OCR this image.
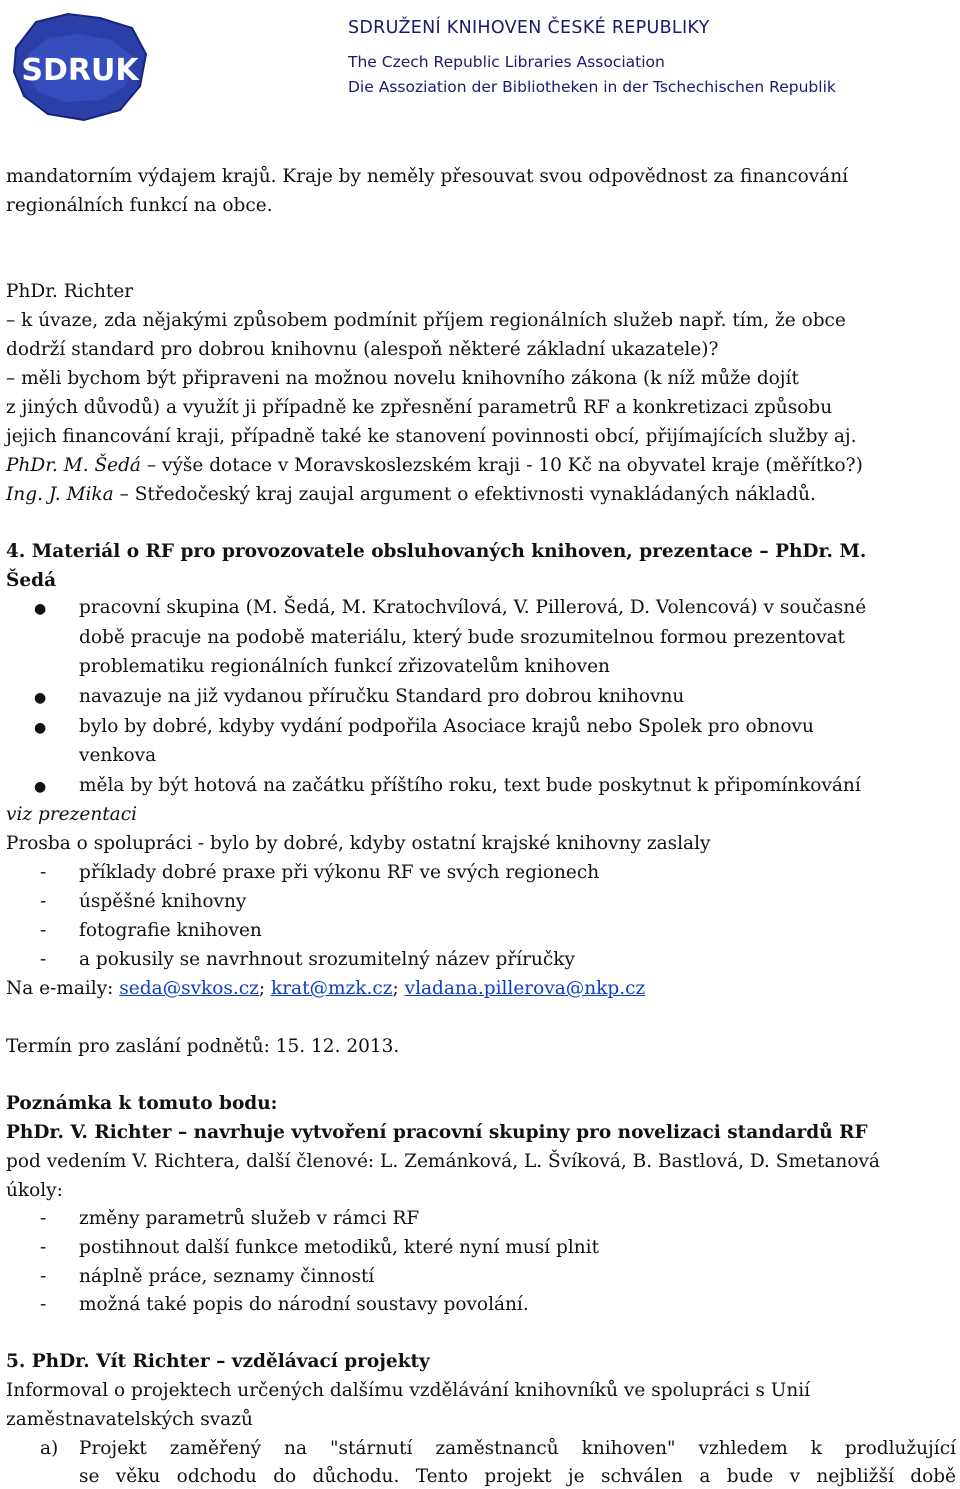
SDRUK
SDRUŽENÍ KNIHOVEN ČESKÉ REPUBLIKY
The Czech Republic Libraries Association
Die Assoziation der Bibliotheken in der Tschechischen Republik
mandatorním výdajem krajů. Kraje by neměly přesouvat svou odpovědnost za financování
regionálních funkcí na obce.
PhDr. Richter
– k úvaze, zda nějakými způsobem podmínit příjem regionálních služeb např. tím, že obce
dodrží standard pro dobrou knihovnu (alespoň některé základní ukazatele)?
– měli bychom být připraveni na možnou novelu knihovního zákona (k níž může dojít
z jiných důvodů) a využít ji případně ke zpřesnění parametrů RF a konkretizaci způsobu
jejich financování kraji, případně také ke stanovení povinnosti obcí, přijímajících služby aj.
PhDr. M. Šedá – výše dotace v Moravskoslezském kraji - 10 Kč na obyvatel kraje (měřítko?)
Ing. J. Mika – Středočeský kraj zaujal argument o efektivnosti vynakládaných nákladů.
4. Materiál o RF pro provozovatele obsluhovaných knihoven, prezentace – PhDr. M.
Šedá
● pracovní skupina (M. Šedá, M. Kratochvílová, V. Pillerová, D. Volencová) v současné
době pracuje na podobě materiálu, který bude srozumitelnou formou prezentovat
problematiku regionálních funkcí zřizovatelům knihoven
● navazuje na již vydanou příručku Standard pro dobrou knihovnu
● bylo by dobré, kdyby vydání podpořila Asociace krajů nebo Spolek pro obnovu
venkova
● měla by být hotová na začátku příštího roku, text bude poskytnut k připomínkování
viz prezentaci
Prosba o spolupráci - bylo by dobré, kdyby ostatní krajské knihovny zaslaly
- příklady dobré praxe při výkonu RF ve svých regionech
- úspěšné knihovny
- fotografie knihoven
- a pokusily se navrhnout srozumitelný název příručky
Na e-maily: seda@svkos.cz; krat@mzk.cz; vladana.pillerova@nkp.cz
Termín pro zaslání podnětů: 15. 12. 2013.
Poznámka k tomuto bodu:
PhDr. V. Richter – navrhuje vytvoření pracovní skupiny pro novelizaci standardů RF
pod vedením V. Richtera, další členové: L. Zemánková, L. Švíková, B. Bastlová, D. Smetanová
úkoly:
- změny parametrů služeb v rámci RF
- postihnout další funkce metodiků, které nyní musí plnit
- náplně práce, seznamy činností
- možná také popis do národní soustavy povolání.
5. PhDr. Vít Richter – vzdělávací projekty
Informoval o projektech určených dalšímu vzdělávání knihovníků ve spolupráci s Unií
zaměstnavatelských svazů
a) Projekt zaměřený na "stárnutí zaměstnanců knihoven" vzhledem k prodlužující
se věku odchodu do důchodu. Tento projekt je schválen a bude v nejbližší době
